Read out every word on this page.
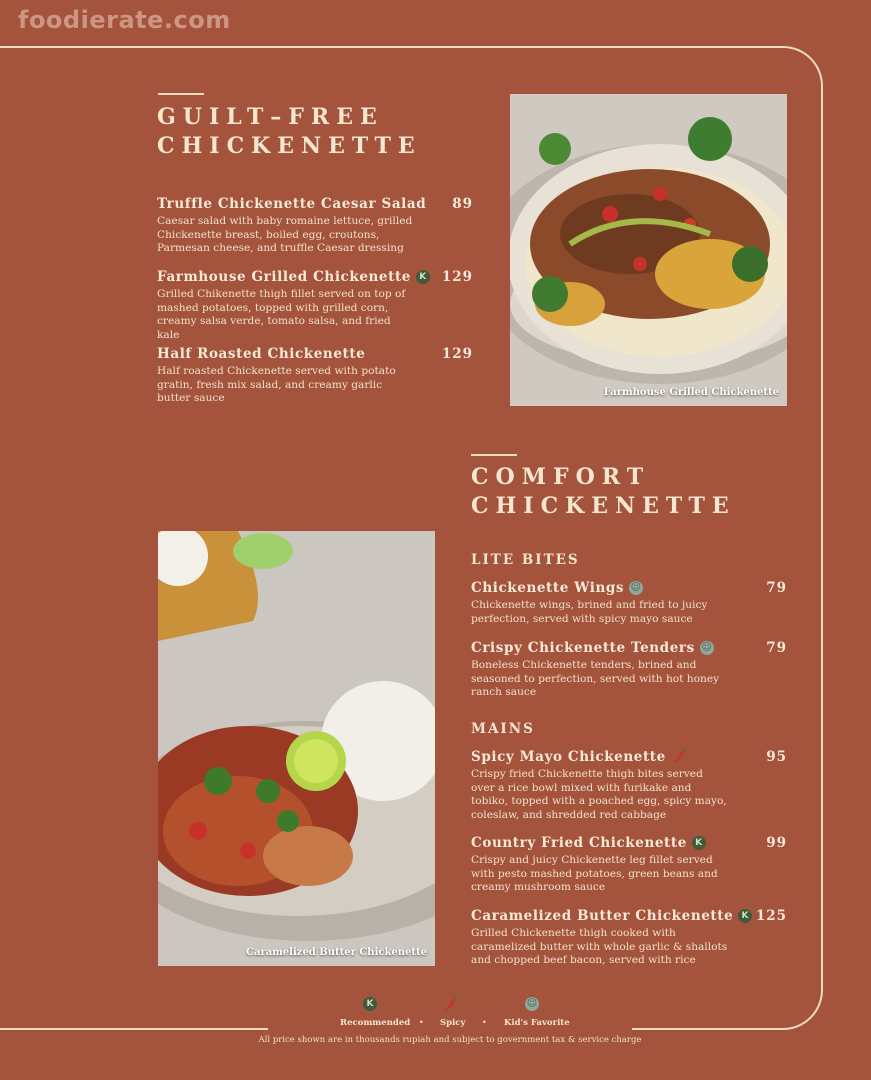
foodierate.com
GUILT–FREE
CHICKENETTE
Truffle Chickenette Caesar Salad 89
Caesar salad with baby romaine lettuce, grilled Chickenette breast, boiled egg, croutons, Parmesan cheese, and truffle Caesar dressing
Farmhouse Grilled Chickenette K 129
Grilled Chikenette thigh fillet served on top of mashed potatoes, topped with grilled corn, creamy salsa verde, tomato salsa, and fried kale
Half Roasted Chickenette	129
Half roasted Chickenette served with potato gratin, fresh mix salad, and creamy garlic butter sauce	Farmhouse Grilled Chickenette
COMFORT
CHICKENETTE
LITE BITES
Chickenette Wings ☺	79
Chickenette wings, brined and fried to juicy perfection, served with spicy mayo sauce
Crispy Chickenette Tenders ☺	79
Boneless Chickenette tenders, brined and seasoned to perfection, served with hot honey ranch sauce
MAINS
Spicy Mayo Chickenette	95
Crispy fried Chickenette thigh bites served over a rice bowl mixed with furikake and tobiko, topped with a poached egg, spicy mayo, coleslaw, and shredded red cabbage
Country Fried Chickenette K	99
Crispy and juicy Chickenette leg fillet served with pesto mashed potatoes, green beans and creamy mushroom sauce
Caramelized Butter Chickenette K 125
Grilled Chickenette thigh cooked with caramelized butter with whole garlic & shallots and chopped beef bacon, served with rice
Caramelized Butter Chickenette
K	☺
Recommended • Spicy • Kid's Favorite
All price shown are in thousands rupiah and subject to government tax & service charge
